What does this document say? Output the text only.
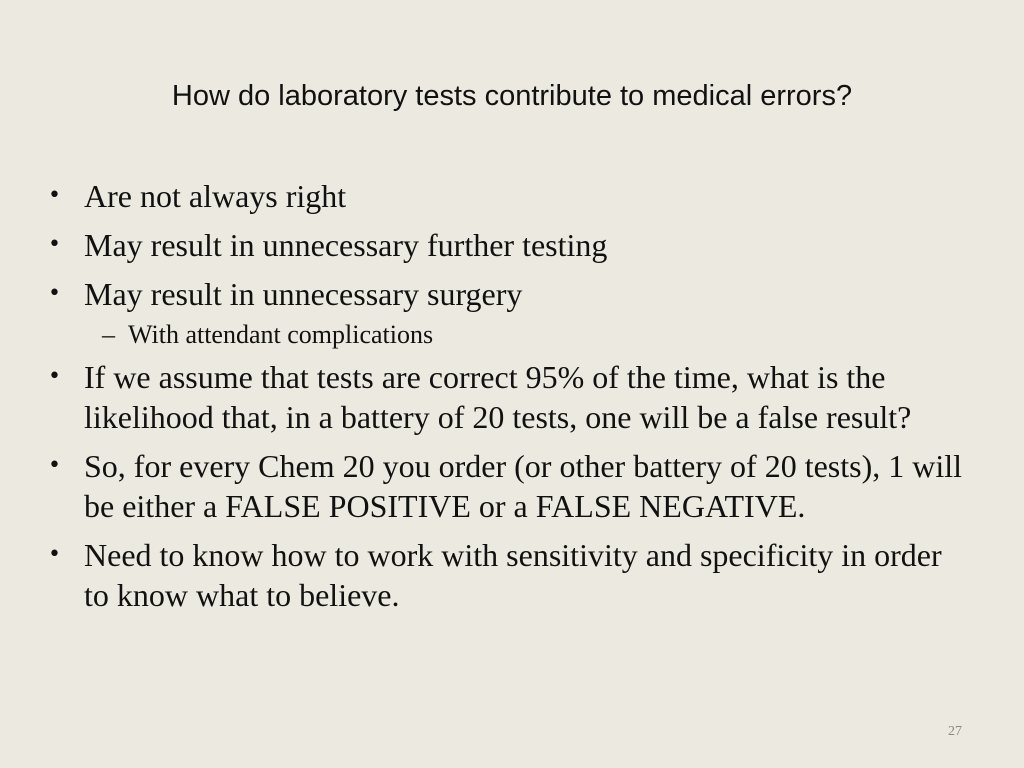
How do laboratory tests contribute to medical errors?
• Are not always right
• May result in unnecessary further testing
• May result in unnecessary surgery
– With attendant complications
• If we assume that tests are correct 95% of the time, what is the likelihood that, in a battery of 20 tests, one will be a false result?
• So, for every Chem 20 you order (or other battery of 20 tests), 1 will be either a FALSE POSITIVE or a FALSE NEGATIVE.
• Need to know how to work with sensitivity and specificity in order to know what to believe.
27
